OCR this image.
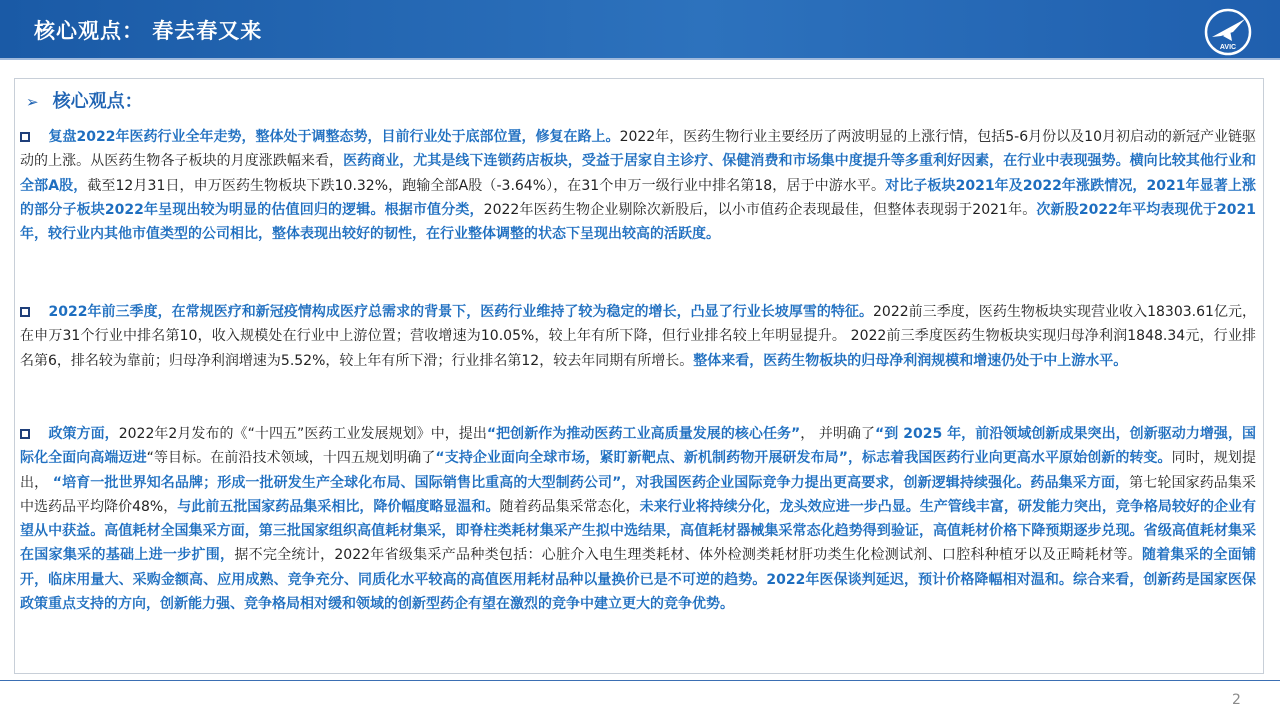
核心观点： 春去春又来
AVIC
➢ 核心观点：
复盘2022年医药行业全年走势，整体处于调整态势，目前行业处于底部位置，修复在路上。2022年，医药生物行业主要经历了两波明显的上涨行情，包括5-6月份以及10月初启动的新冠产业链驱动的上涨。从医药生物各子板块的月度涨跌幅来看，医药商业，尤其是线下连锁药店板块，受益于居家自主诊疗、保健消费和市场集中度提升等多重利好因素，在行业中表现强势。横向比较其他行业和全部A股，截至12月31日，申万医药生物板块下跌10.32%，跑输全部A股（-3.64%），在31个申万一级行业中排名第18，居于中游水平。对比子板块2021年及2022年涨跌情况，2021年显著上涨的部分子板块2022年呈现出较为明显的估值回归的逻辑。根据市值分类，2022年医药生物企业剔除次新股后，以小市值药企表现最佳，但整体表现弱于2021年。次新股2022年平均表现优于2021年，较行业内其他市值类型的公司相比，整体表现出较好的韧性，在行业整体调整的状态下呈现出较高的活跃度。
2022年前三季度，在常规医疗和新冠疫情构成医疗总需求的背景下，医药行业维持了较为稳定的增长，凸显了行业长坡厚雪的特征。2022前三季度，医药生物板块实现营业收入18303.61亿元，在申万31个行业中排名第10，收入规模处在行业中上游位置；营收增速为10.05%，较上年有所下降，但行业排名较上年明显提升。 2022前三季度医药生物板块实现归母净利润1848.34元，行业排名第6，排名较为靠前；归母净利润增速为5.52%，较上年有所下滑；行业排名第12，较去年同期有所增长。整体来看，医药生物板块的归母净利润规模和增速仍处于中上游水平。
政策方面，2022年2月发布的《“十四五”医药工业发展规划》中，提出“把创新作为推动医药工业高质量发展的核心任务”， 并明确了“到 2025 年，前沿领域创新成果突出，创新驱动力增强，国际化全面向高端迈进“等目标。在前沿技术领域，十四五规划明确了“支持企业面向全球市场，紧盯新靶点、新机制药物开展研发布局”，标志着我国医药行业向更高水平原始创新的转变。同时，规划提出， “培育一批世界知名品牌；形成一批研发生产全球化布局、国际销售比重高的大型制药公司”，对我国医药企业国际竞争力提出更高要求，创新逻辑持续强化。药品集采方面，第七轮国家药品集采中选药品平均降价48%，与此前五批国家药品集采相比，降价幅度略显温和。随着药品集采常态化，未来行业将持续分化，龙头效应进一步凸显。生产管线丰富，研发能力突出，竞争格局较好的企业有望从中获益。高值耗材全国集采方面，第三批国家组织高值耗材集采，即脊柱类耗材集采产生拟中选结果，高值耗材器械集采常态化趋势得到验证，高值耗材价格下降预期逐步兑现。省级高值耗材集采在国家集采的基础上进一步扩围，据不完全统计，2022年省级集采产品种类包括：心脏介入电生理类耗材、体外检测类耗材肝功类生化检测试剂、口腔科种植牙以及正畸耗材等。随着集采的全面铺开，临床用量大、采购金额高、应用成熟、竞争充分、同质化水平较高的高值医用耗材品种以量换价已是不可逆的趋势。2022年医保谈判延迟，预计价格降幅相对温和。综合来看，创新药是国家医保政策重点支持的方向，创新能力强、竞争格局相对缓和领域的创新型药企有望在激烈的竞争中建立更大的竞争优势。
2
